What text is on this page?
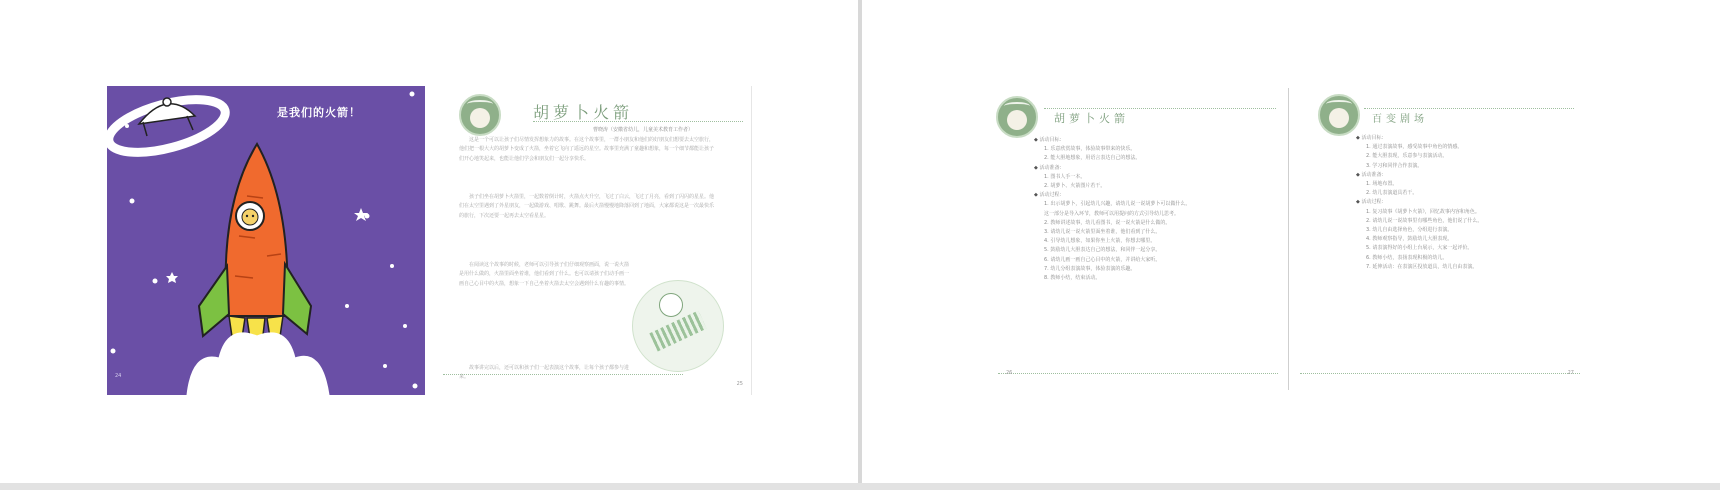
是我们的火箭！
24
胡萝卜火箭
曹晓涛（安徽省幼儿，儿童美术教育工作者）
这是一个可以让孩子们尽情发挥想象力的故事。在这个故事里，一群小朋友和他们的好朋友们想要去太空旅行，他们把一根大大的胡萝卜变成了火箭，坐着它飞向了遥远的星空。故事里充满了童趣和想象，每一个细节都能让孩子们开心地笑起来，也能让他们学会和朋友们一起分享快乐。
孩子们坐在胡萝卜火箭里，一起数着倒计时，火箭点火升空，飞过了白云，飞过了月亮，看到了闪闪的星星。他们在太空里遇到了外星朋友，一起做游戏、唱歌、跳舞。最后火箭慢慢地降落回到了地面，大家都说这是一次最快乐的旅行，下次还要一起再去太空看星星。
在阅读这个故事的时候，老师可以引导孩子们仔细观察画面，说一说火箭是用什么做的，火箭里面坐着谁，他们看到了什么。也可以请孩子们动手画一画自己心目中的火箭，想象一下自己坐着火箭去太空会遇到什么有趣的事情。
故事讲完以后，还可以和孩子们一起表演这个故事，让每个孩子都参与进来。
25
胡萝卜火箭
◆ 活动目标：
1. 乐意欣赏故事，体验故事带来的快乐。
2. 能大胆地想象，用语言表达自己的想法。
◆ 活动准备：
1. 图书人手一本。
2. 胡萝卜、火箭图片若干。
◆ 活动过程：
1. 出示胡萝卜，引起幼儿兴趣，请幼儿说一说胡萝卜可以做什么。
这一部分是导入环节，教师可以用提问的方式引导幼儿思考。
2. 教师讲述故事，幼儿看图书，说一说火箭是什么做的。
3. 请幼儿说一说火箭里面坐着谁，他们看到了什么。
4. 引导幼儿想象，如果你坐上火箭，你想去哪里。
5. 鼓励幼儿大胆表达自己的想法，和同伴一起分享。
6. 请幼儿画一画自己心目中的火箭，并讲给大家听。
7. 幼儿分组表演故事，体验表演的乐趣。
8. 教师小结，结束活动。
26
百变剧场
◆ 活动目标：
1. 通过表演故事，感受故事中角色的情感。
2. 能大胆表现，乐意参与表演活动。
3. 学习和同伴合作表演。
◆ 活动准备：
1. 场地布置。
2. 幼儿表演道具若干。
◆ 活动过程：
1. 复习故事《胡萝卜火箭》，回忆故事内容和角色。
2. 请幼儿说一说故事里有哪些角色，他们说了什么。
3. 幼儿自由选择角色，分组进行表演。
4. 教师观察指导，鼓励幼儿大胆表现。
5. 请表演得好的小组上台展示，大家一起评价。
6. 教师小结，表扬表现积极的幼儿。
7. 延伸活动：在表演区投放道具，幼儿自由表演。
27
